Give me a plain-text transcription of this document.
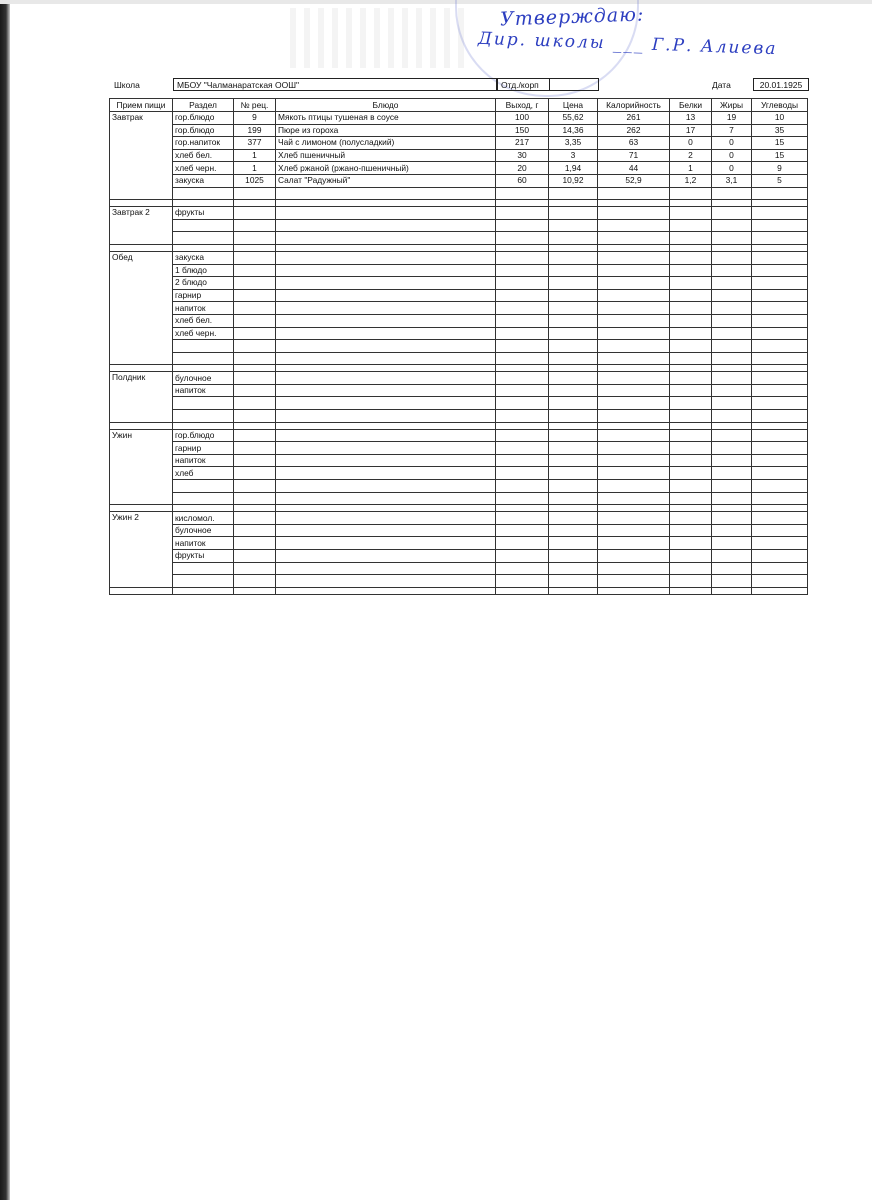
Утверждаю:
Дир. школы ___ Г.Р. Алиева
Школа	МБОУ "Чалманаратская ООШ"	Отд./корп	Дата	20.01.1925
Прием пищи	Раздел	№ рец.	Блюдо	Выход, г	Цена	Калорийность	Белки	Жиры	Углеводы
Завтрак	гор.блюдо	9	Мякоть птицы тушеная в соусе	100	55,62	261	13	19	10
	гор.блюдо	199	Пюре из гороха	150	14,36	262	17	7	35
	гор.напиток	377	Чай с лимоном (полусладкий)	217	3,35	63	0	0	15
	хлеб бел.	1	Хлеб пшеничный	30	3	71	2	0	15
	хлеб черн.	1	Хлеб ржаной (ржано-пшеничный)	20	1,94	44	1	0	9
	закуска	1025	Салат "Радужный"	60	10,92	52,9	1,2	3,1	5

Завтрак 2	фрукты								

Обед	закуска								
	1 блюдо								
	2 блюдо								
	гарнир								
	напиток								
	хлеб бел.								
	хлеб черн.								

Полдник	булочное								
	напиток								

Ужин	гор.блюдо								
	гарнир								
	напиток								
	хлеб								

Ужин 2	кисломол.								
	булочное								
	напиток								
	фрукты								
